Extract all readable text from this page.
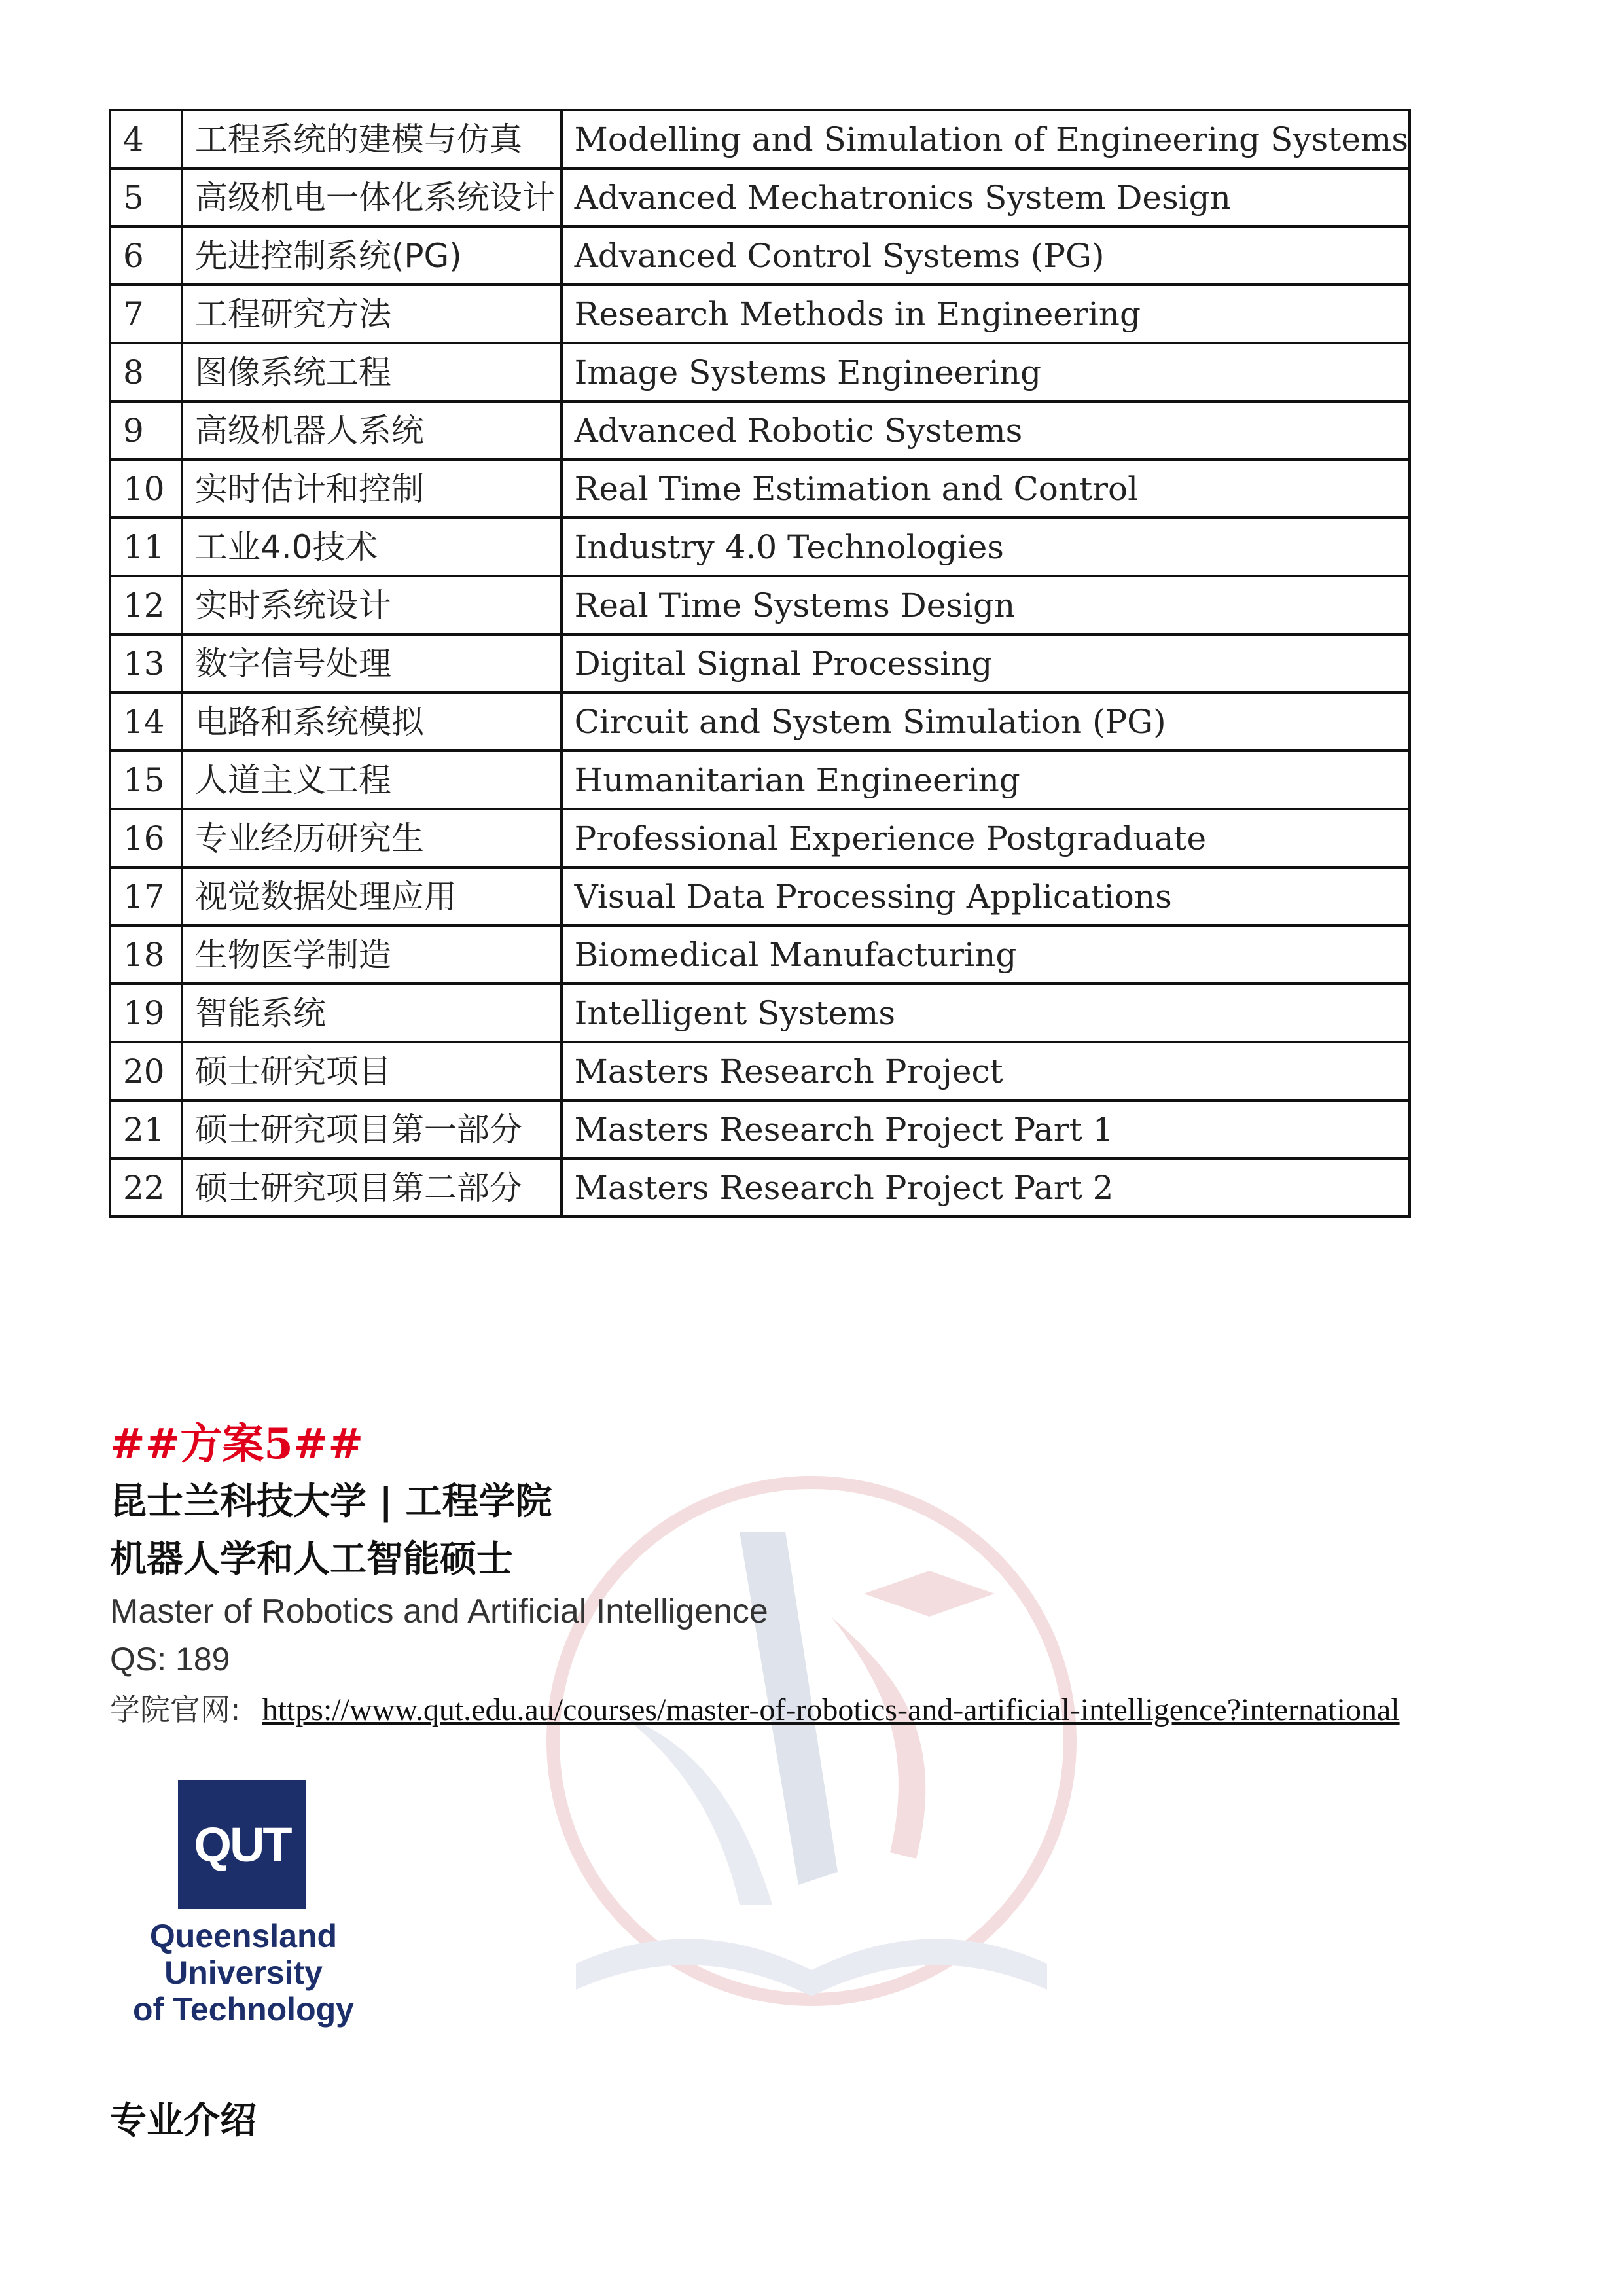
4	工程系统的建模与仿真	Modelling and Simulation of Engineering Systems
5	高级机电一体化系统设计	Advanced Mechatronics System Design
6	先进控制系统(PG)	Advanced Control Systems (PG)
7	工程研究方法	Research Methods in Engineering
8	图像系统工程	Image Systems Engineering
9	高级机器人系统	Advanced Robotic Systems
10	实时估计和控制	Real Time Estimation and Control
11	工业4.0技术	Industry 4.0 Technologies
12	实时系统设计	Real Time Systems Design
13	数字信号处理	Digital Signal Processing
14	电路和系统模拟	Circuit and System Simulation (PG)
15	人道主义工程	Humanitarian Engineering
16	专业经历研究生	Professional Experience Postgraduate
17	视觉数据处理应用	Visual Data Processing Applications
18	生物医学制造	Biomedical Manufacturing
19	智能系统	Intelligent Systems
20	硕士研究项目	Masters Research Project
21	硕士研究项目第一部分	Masters Research Project Part 1
22	硕士研究项目第二部分	Masters Research Project Part 2
##方案5##
昆士兰科技大学 | 工程学院
机器人学和人工智能硕士
Master of Robotics and Artificial Intelligence
QS: 189
学院官网: https://www.qut.edu.au/courses/master-of-robotics-and-artificial-intelligence?international
QUT
Queensland
University
of Technology
专业介绍
